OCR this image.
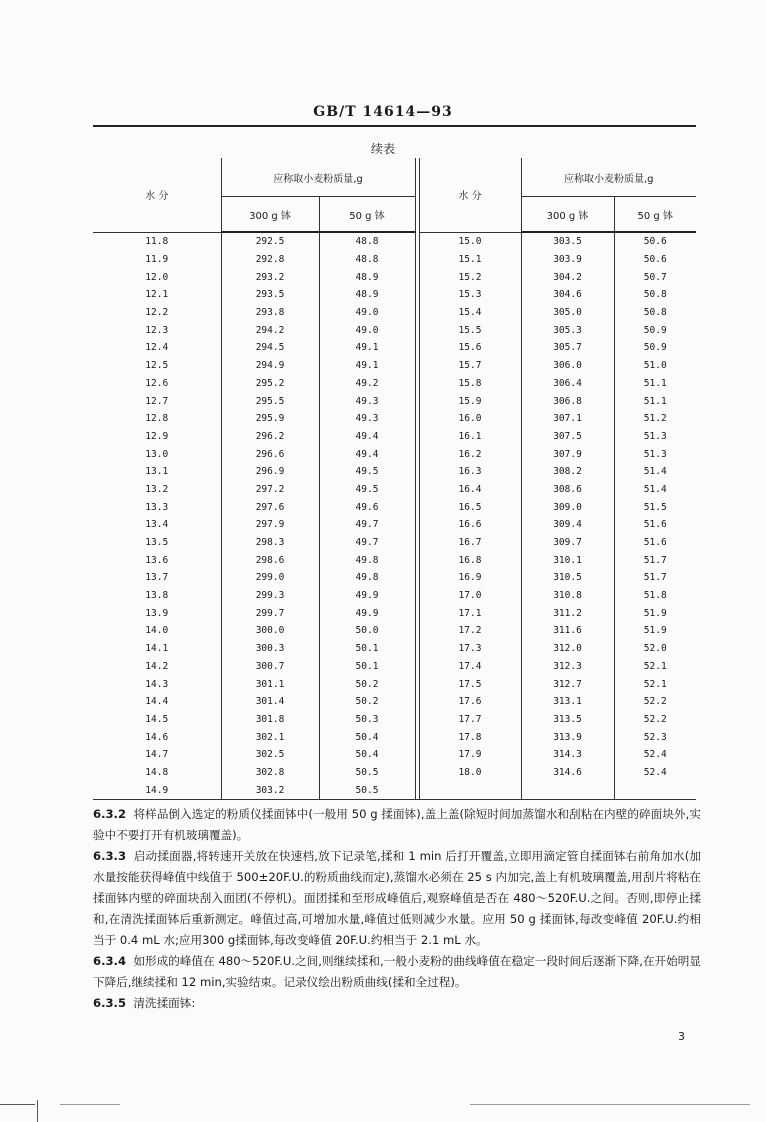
GB/T 14614—93
续表
水 分	应称取小麦粉质量,g			水 分	应称取小麦粉质量,g	
	300 g 钵	50 g 钵			300 g 钵	50 g 钵
11.8	292.5	48.8		15.0	303.5	50.6
11.9	292.8	48.8		15.1	303.9	50.6
12.0	293.2	48.9		15.2	304.2	50.7
12.1	293.5	48.9		15.3	304.6	50.8
12.2	293.8	49.0		15.4	305.0	50.8
12.3	294.2	49.0		15.5	305.3	50.9
12.4	294.5	49.1		15.6	305.7	50.9
12.5	294.9	49.1		15.7	306.0	51.0
12.6	295.2	49.2		15.8	306.4	51.1
12.7	295.5	49.3		15.9	306.8	51.1
12.8	295.9	49.3		16.0	307.1	51.2
12.9	296.2	49.4		16.1	307.5	51.3
13.0	296.6	49.4		16.2	307.9	51.3
13.1	296.9	49.5		16.3	308.2	51.4
13.2	297.2	49.5		16.4	308.6	51.4
13.3	297.6	49.6		16.5	309.0	51.5
13.4	297.9	49.7		16.6	309.4	51.6
13.5	298.3	49.7		16.7	309.7	51.6
13.6	298.6	49.8		16.8	310.1	51.7
13.7	299.0	49.8		16.9	310.5	51.7
13.8	299.3	49.9		17.0	310.8	51.8
13.9	299.7	49.9		17.1	311.2	51.9
14.0	300.0	50.0		17.2	311.6	51.9
14.1	300.3	50.1		17.3	312.0	52.0
14.2	300.7	50.1		17.4	312.3	52.1
14.3	301.1	50.2		17.5	312.7	52.1
14.4	301.4	50.2		17.6	313.1	52.2
14.5	301.8	50.3		17.7	313.5	52.2
14.6	302.1	50.4		17.8	313.9	52.3
14.7	302.5	50.4		17.9	314.3	52.4
14.8	302.8	50.5		18.0	314.6	52.4
14.9	303.2	50.5				

6.3.2 将样品倒入选定的粉质仪揉面钵中(一般用 50 g 揉面钵),盖上盖(除短时间加蒸馏水和刮粘在内壁的碎面块外,实验中不要打开有机玻璃覆盖)。

6.3.3 启动揉面器,将转速开关放在快速档,放下记录笔,揉和 1 min 后打开覆盖,立即用滴定管自揉面钵右前角加水(加水量按能获得峰值中线值于 500±20F.U.的粉质曲线而定),蒸馏水必须在 25 s 内加完,盖上有机玻璃覆盖,用刮片将粘在揉面钵内壁的碎面块刮入面团(不停机)。面团揉和至形成峰值后,观察峰值是否在 480～520F.U.之间。否则,即停止揉和,在清洗揉面钵后重新测定。峰值过高,可增加水量,峰值过低则减少水量。应用 50 g 揉面钵,每改变峰值 20F.U.约相当于 0.4 mL 水;应用300 g揉面钵,每改变峰值 20F.U.约相当于 2.1 mL 水。

6.3.4 如形成的峰值在 480～520F.U.之间,则继续揉和,一般小麦粉的曲线峰值在稳定一段时间后逐渐下降,在开始明显下降后,继续揉和 12 min,实验结束。记录仪绘出粉质曲线(揉和全过程)。

6.3.5 清洗揉面钵:

3
